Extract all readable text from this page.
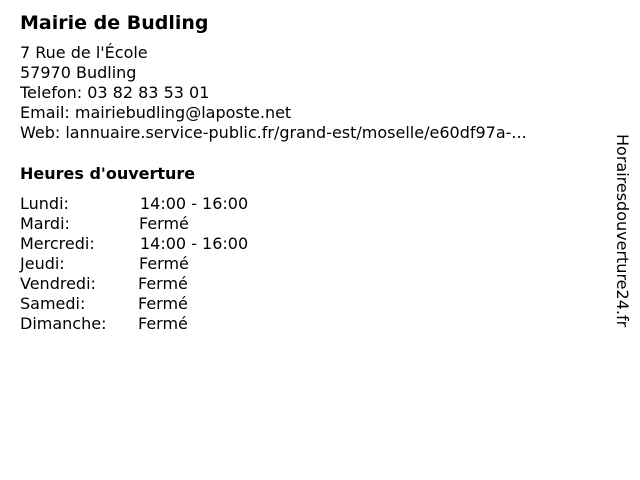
Mairie de Budling
7 Rue de l'École
57970 Budling
Telefon: 03 82 83 53 01
Email: mairiebudling@laposte.net
Web: lannuaire.service-public.fr/grand-est/moselle/e60df97a-...
Heures d'ouverture
Lundi:	14:00 - 16:00
Mardi:	Fermé
Mercredi:	14:00 - 16:00
Jeudi:	Fermé
Vendredi:	Fermé
Samedi:	Fermé
Dimanche: Fermé	Horairesdouverture24.fr
